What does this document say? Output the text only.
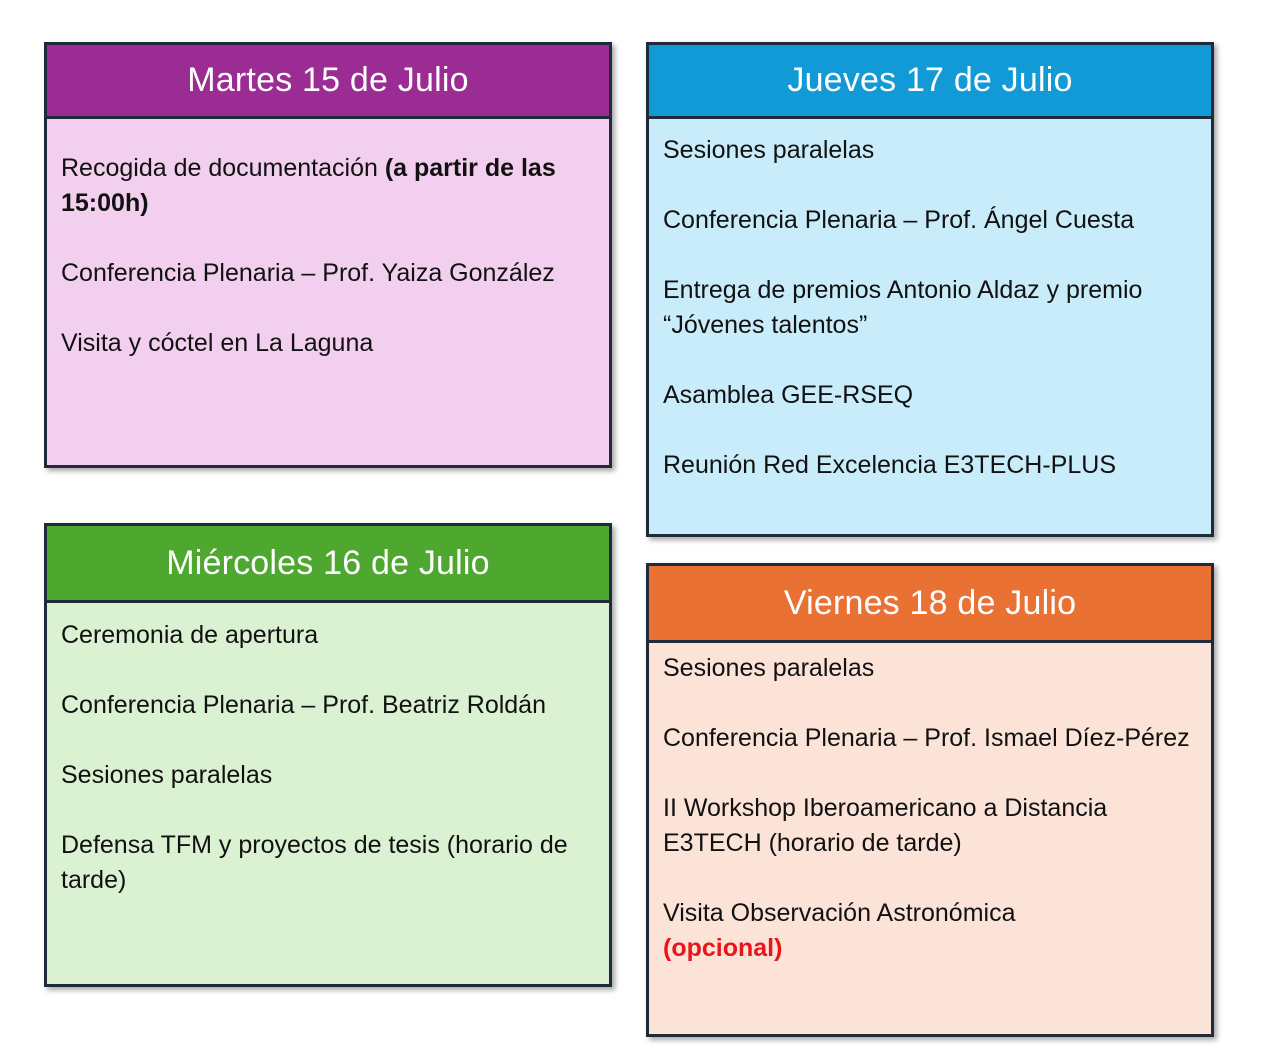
Martes 15 de Julio

Recogida de documentación (a partir de las 15:00h)

Conferencia Plenaria – Prof. Yaiza González

Visita y cóctel en La Laguna

Miércoles 16 de Julio

Ceremonia de apertura

Conferencia Plenaria – Prof. Beatriz Roldán

Sesiones paralelas

Defensa TFM y proyectos de tesis (horario de tarde)

Jueves 17 de Julio

Sesiones paralelas

Conferencia Plenaria – Prof. Ángel Cuesta

Entrega de premios Antonio Aldaz y premio “Jóvenes talentos”

Asamblea GEE-RSEQ

Reunión Red Excelencia E3TECH-PLUS

Viernes 18 de Julio

Sesiones paralelas

Conferencia Plenaria – Prof. Ismael Díez-Pérez

II Workshop Iberoamericano a Distancia E3TECH (horario de tarde)

Visita Observación Astronómica
(opcional)
